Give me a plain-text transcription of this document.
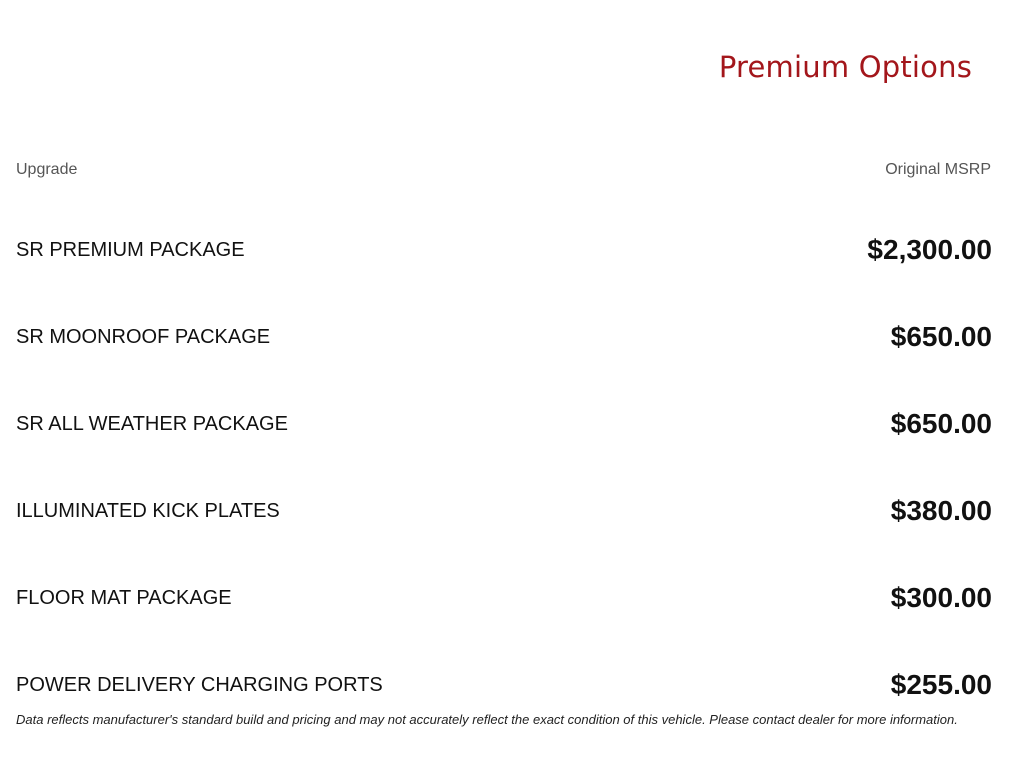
Premium Options
Upgrade	Original MSRP
SR PREMIUM PACKAGE	$2,300.00
SR MOONROOF PACKAGE	$650.00
SR ALL WEATHER PACKAGE	$650.00
ILLUMINATED KICK PLATES	$380.00
FLOOR MAT PACKAGE	$300.00
POWER DELIVERY CHARGING PORTS	$255.00

Data reflects manufacturer's standard build and pricing and may not accurately reflect the exact condition of this vehicle. Please contact dealer for more information.
